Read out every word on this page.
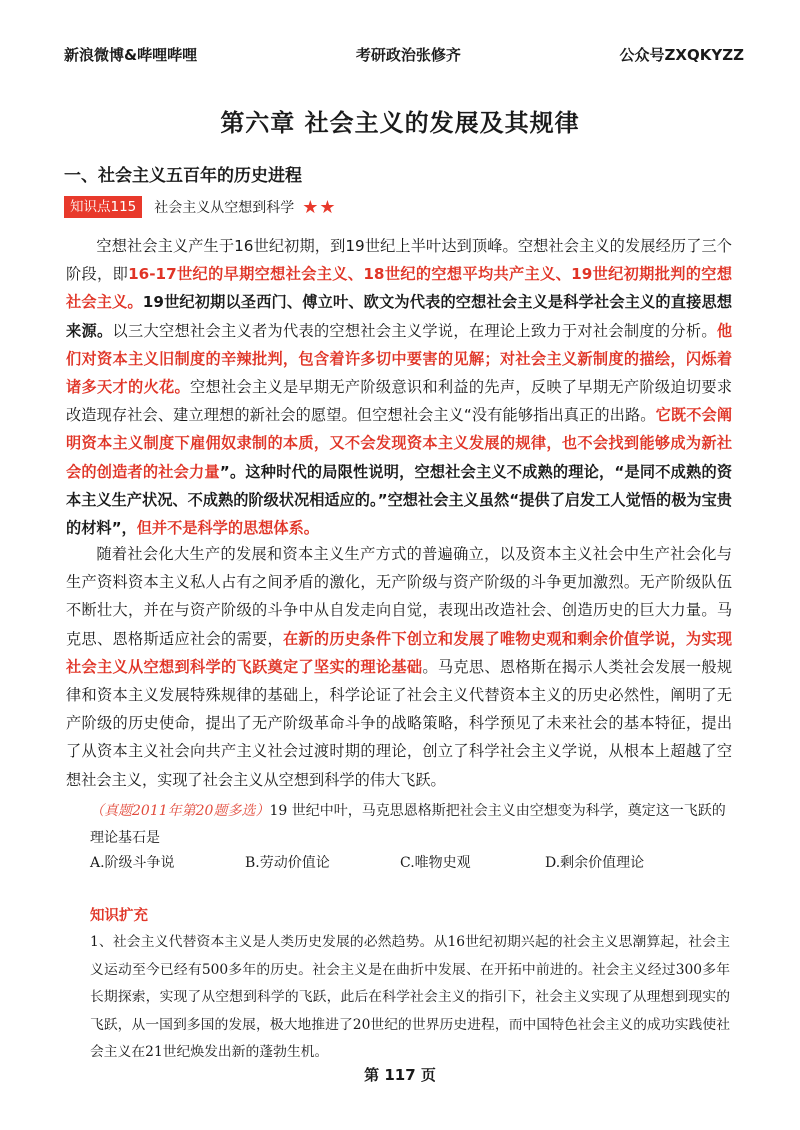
新浪微博&哔哩哔哩	考研政治张修齐	公众号ZXQKYZZ
第六章 社会主义的发展及其规律
一、社会主义五百年的历史进程
知识点115	社会主义从空想到科学 ★★
空想社会主义产生于16世纪初期，到19世纪上半叶达到顶峰。空想社会主义的发展经历了三个阶段，即16-17世纪的早期空想社会主义、18世纪的空想平均共产主义、19世纪初期批判的空想社会主义。19世纪初期以圣西门、傅立叶、欧文为代表的空想社会主义是科学社会主义的直接思想来源。以三大空想社会主义者为代表的空想社会主义学说，在理论上致力于对社会制度的分析。他们对资本主义旧制度的辛辣批判，包含着许多切中要害的见解；对社会主义新制度的描绘，闪烁着诸多天才的火花。空想社会主义是早期无产阶级意识和利益的先声，反映了早期无产阶级迫切要求改造现存社会、建立理想的新社会的愿望。但空想社会主义“没有能够指出真正的出路。它既不会阐明资本主义制度下雇佣奴隶制的本质，又不会发现资本主义发展的规律，也不会找到能够成为新社会的创造者的社会力量”。这种时代的局限性说明，空想社会主义不成熟的理论，“是同不成熟的资本主义生产状况、不成熟的阶级状况相适应的。”空想社会主义虽然“提供了启发工人觉悟的极为宝贵的材料”，但并不是科学的思想体系。
随着社会化大生产的发展和资本主义生产方式的普遍确立，以及资本主义社会中生产社会化与生产资料资本主义私人占有之间矛盾的激化，无产阶级与资产阶级的斗争更加激烈。无产阶级队伍不断壮大，并在与资产阶级的斗争中从自发走向自觉，表现出改造社会、创造历史的巨大力量。马克思、恩格斯适应社会的需要，在新的历史条件下创立和发展了唯物史观和剩余价值学说，为实现社会主义从空想到科学的飞跃奠定了坚实的理论基础。马克思、恩格斯在揭示人类社会发展一般规律和资本主义发展特殊规律的基础上，科学论证了社会主义代替资本主义的历史必然性，阐明了无产阶级的历史使命，提出了无产阶级革命斗争的战略策略，科学预见了未来社会的基本特征，提出了从资本主义社会向共产主义社会过渡时期的理论，创立了科学社会主义学说，从根本上超越了空想社会主义，实现了社会主义从空想到科学的伟大飞跃。
（真题2011年第20题多选）19 世纪中叶，马克思恩格斯把社会主义由空想变为科学，奠定这一飞跃的理论基石是
A.阶级斗争说	B.劳动价值论	C.唯物史观	D.剩余价值理论
知识扩充
1、社会主义代替资本主义是人类历史发展的必然趋势。从16世纪初期兴起的社会主义思潮算起，社会主义运动至今已经有500多年的历史。社会主义是在曲折中发展、在开拓中前进的。社会主义经过300多年长期探索，实现了从空想到科学的飞跃，此后在科学社会主义的指引下，社会主义实现了从理想到现实的飞跃，从一国到多国的发展，极大地推进了20世纪的世界历史进程，而中国特色社会主义的成功实践使社会主义在21世纪焕发出新的蓬勃生机。
第 117 页
